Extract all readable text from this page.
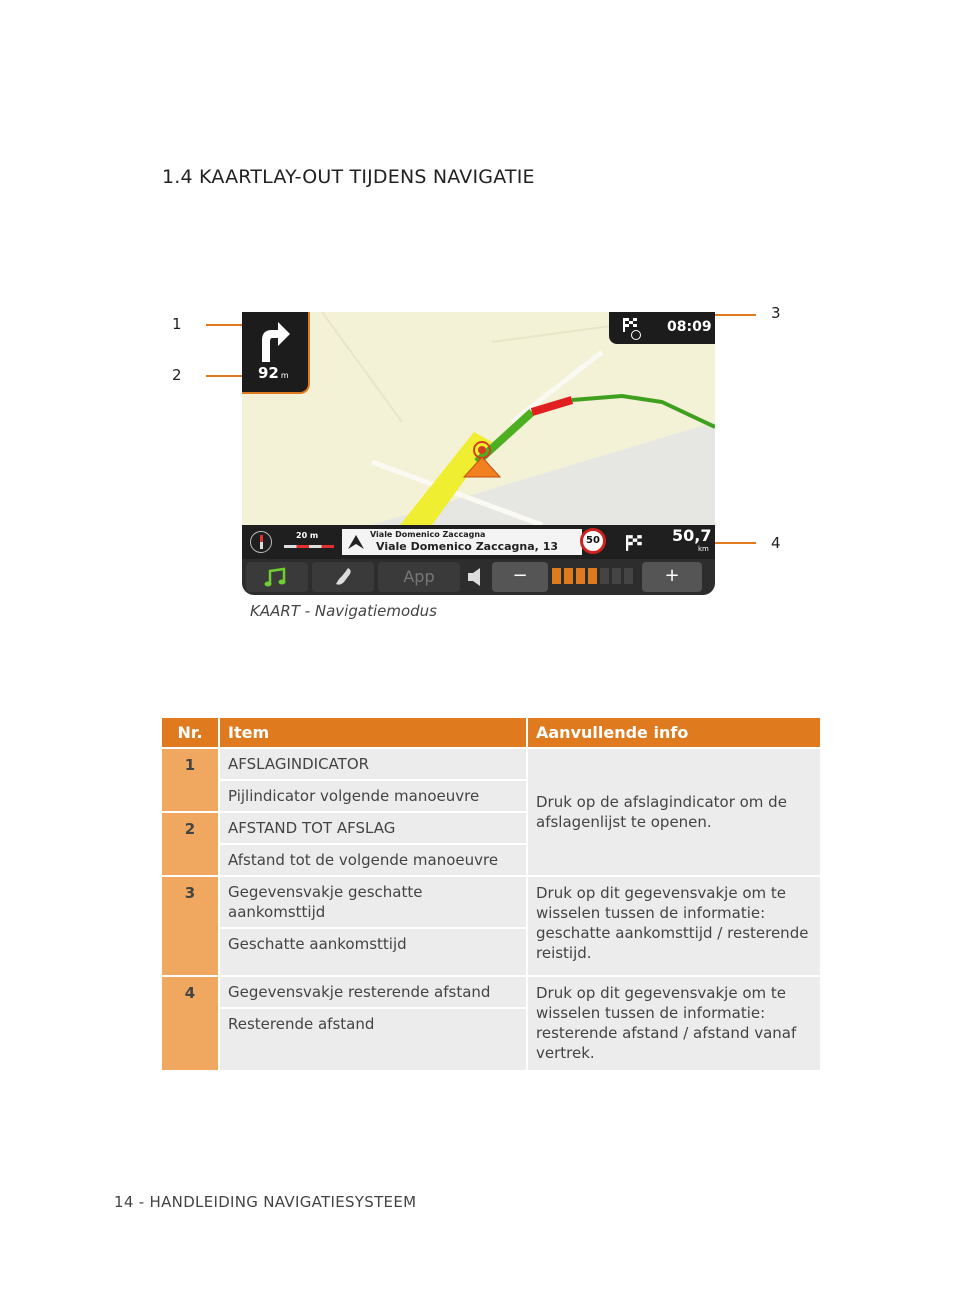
1.4 KAARTLAY-OUT TIJDENS NAVIGATIE
1
2
3
4
92 m
08:09
20 m	Viale Domenico Zaccagna
Viale Domenico Zaccagna, 13	50	50,7
km
App	−	+
KAART - Navigatiemodus
Nr.	Item	Aanvullende info
1	AFSLAGINDICATOR	Druk op de afslagindicator om de afslagenlijst te openen.
	Pijlindicator volgende manoeuvre	
2	AFSTAND TOT AFSLAG	
	Afstand tot de volgende manoeuvre	
3	Gegevensvakje geschatte aankomsttijd	Druk op dit gegevensvakje om te wisselen tussen de informatie: geschatte aankomsttijd / resterende reistijd.
	Geschatte aankomsttijd	
4	Gegevensvakje resterende afstand	Druk op dit gegevensvakje om te wisselen tussen de informatie: resterende afstand / afstand vanaf vertrek.
	Resterende afstand	
14 - HANDLEIDING NAVIGATIESYSTEEM
